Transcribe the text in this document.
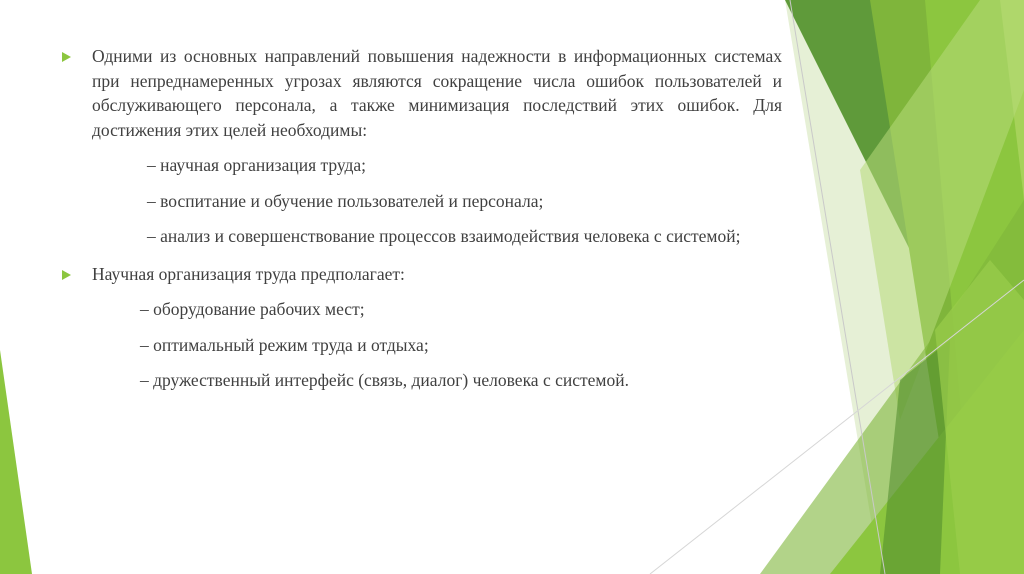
Одними из основных направлений повышения надежности в информационных системах при непреднамеренных угрозах являются сокращение числа ошибок пользователей и обслуживающего персонала, а также минимизация последствий этих ошибок. Для достижения этих целей необходимы:
– научная организация труда;
– воспитание и обучение пользователей и персонала;
– анализ и совершенствование процессов взаимодействия человека с системой;
Научная организация труда предполагает:
– оборудование рабочих мест;
– оптимальный режим труда и отдыха;
– дружественный интерфейс (связь, диалог) человека с системой.
